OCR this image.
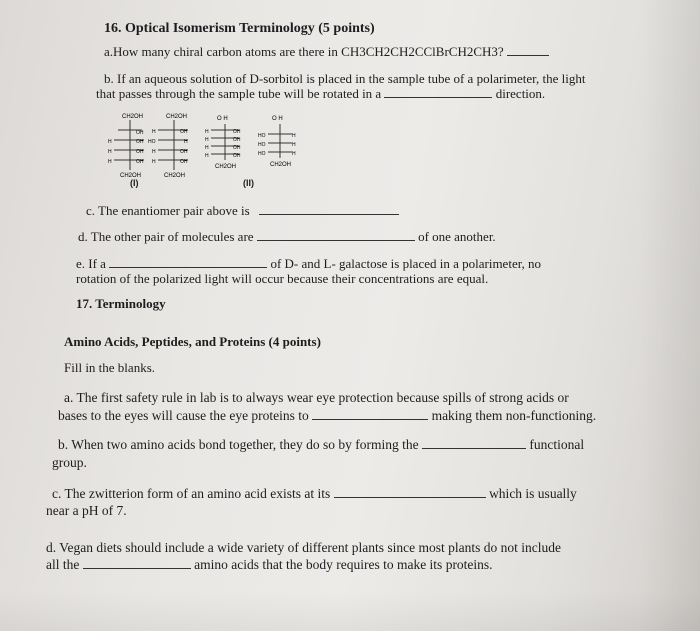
16. Optical Isomerism Terminology (5 points)
a.How many chiral carbon atoms are there in CH3CH2CH2CClBrCH2CH3?
b. If an aqueous solution of D-sorbitol is placed in the sample tube of a polarimeter, the light
that passes through the sample tube will be rotated in a	direction.
CH2OH
OH
H	OH
H	OH
H	OH
CH2OH
CH2OH
H	OH
HO	H
H	OH
H	OH
CH2OH
O H
H	OH
H	OH
H	OH
H	OH
CH2OH
O H
HO	H
HO	H
HO	H
CH2OH
(I)	(II)
c. The enantiomer pair above is
d. The other pair of molecules are	of one another.
e. If a	of D- and L- galactose is placed in a polarimeter, no
rotation of the polarized light will occur because their concentrations are equal.
17. Terminology
Amino Acids, Peptides, and Proteins (4 points)
Fill in the blanks.
a. The first safety rule in lab is to always wear eye protection because spills of strong acids or
bases to the eyes will cause the eye proteins to	making them non-functioning.
b. When two amino acids bond together, they do so by forming the	functional
group.
c. The zwitterion form of an amino acid exists at its	which is usually
near a pH of 7.
d. Vegan diets should include a wide variety of different plants since most plants do not include
all the	amino acids that the body requires to make its proteins.
